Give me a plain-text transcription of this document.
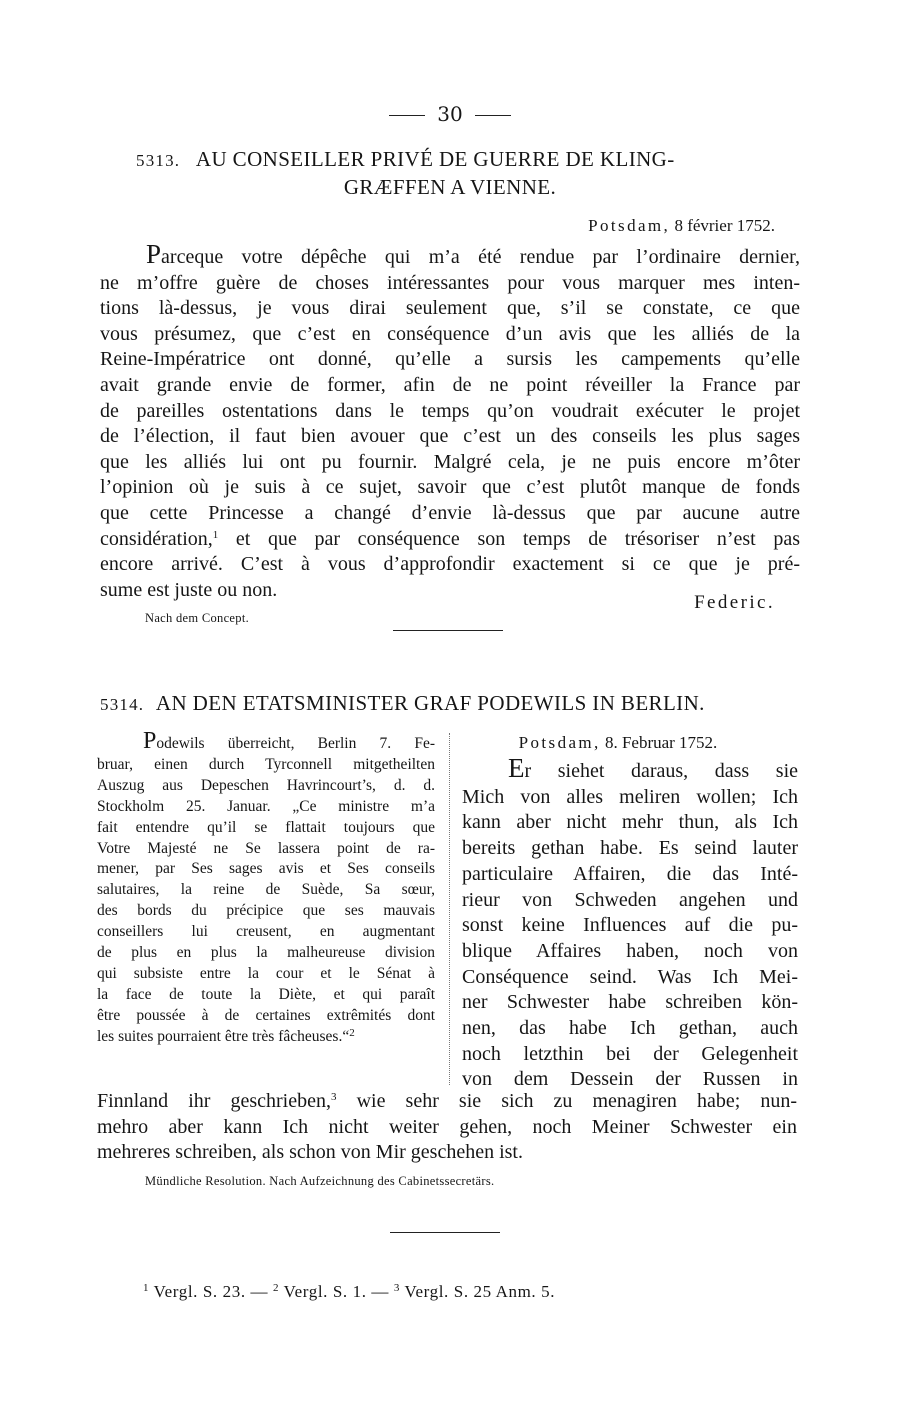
30
5313. AU CONSEILLER PRIVÉ DE GUERRE DE KLING-
GRÆFFEN A VIENNE.
Potsdam, 8 février 1752.
Parceque votre dépêche qui m’a été rendue par l’ordinaire dernier,
ne m’offre guère de choses intéressantes pour vous marquer mes inten-
tions là-dessus, je vous dirai seulement que, s’il se constate, ce que
vous présumez, que c’est en conséquence d’un avis que les alliés de la
Reine-Impératrice ont donné, qu’elle a sursis les campements qu’elle
avait grande envie de former, afin de ne point réveiller la France par
de pareilles ostentations dans le temps qu’on voudrait exécuter le projet
de l’élection, il faut bien avouer que c’est un des conseils les plus sages
que les alliés lui ont pu fournir. Malgré cela, je ne puis encore m’ôter
l’opinion où je suis à ce sujet, savoir que c’est plutôt manque de fonds
que cette Princesse a changé d’envie là-dessus que par aucune autre
considération,$^1$ et que par conséquence son temps de trésoriser n’est pas
encore arrivé. C’est à vous d’approfondir exactement si ce que je pré-
sume est juste ou non.
Federic.
Nach dem Concept.
5314. AN DEN ETATSMINISTER GRAF PODEWILS IN BERLIN.
Podewils überreicht, Berlin 7. Fe-
bruar, einen durch Tyrconnell mitgetheilten
Auszug aus Depeschen Havrincourt’s, d. d.
Stockholm 25. Januar. „Ce ministre m’a
fait entendre qu’il se flattait toujours que
Votre Majesté ne Se lassera point de ra-
mener, par Ses sages avis et Ses conseils
salutaires, la reine de Suède, Sa sœur,
des bords du précipice que ses mauvais
conseillers lui creusent, en augmentant
de plus en plus la malheureuse division
qui subsiste entre la cour et le Sénat à
la face de toute la Diète, et qui paraît
être poussée à de certaines extrêmités dont
les suites pourraient être très fâcheuses.“$^2$
Potsdam, 8. Februar 1752.
Er siehet daraus, dass sie
Mich von alles meliren wollen; Ich
kann aber nicht mehr thun, als Ich
bereits gethan habe. Es seind lauter
particulaire Affairen, die das Inté-
rieur von Schweden angehen und
sonst keine Influences auf die pu-
blique Affaires haben, noch von
Conséquence seind. Was Ich Mei-
ner Schwester habe schreiben kön-
nen, das habe Ich gethan, auch
noch letzthin bei der Gelegenheit
von dem Dessein der Russen in
Finnland ihr geschrieben,$^3$ wie sehr sie sich zu menagiren habe; nun-
mehro aber kann Ich nicht weiter gehen, noch Meiner Schwester ein
mehreres schreiben, als schon von Mir geschehen ist.
Mündliche Resolution. Nach Aufzeichnung des Cabinetssecretärs.
$^1$ Vergl. S. 23. — $^2$ Vergl. S. 1. — $^3$ Vergl. S. 25 Anm. 5.
